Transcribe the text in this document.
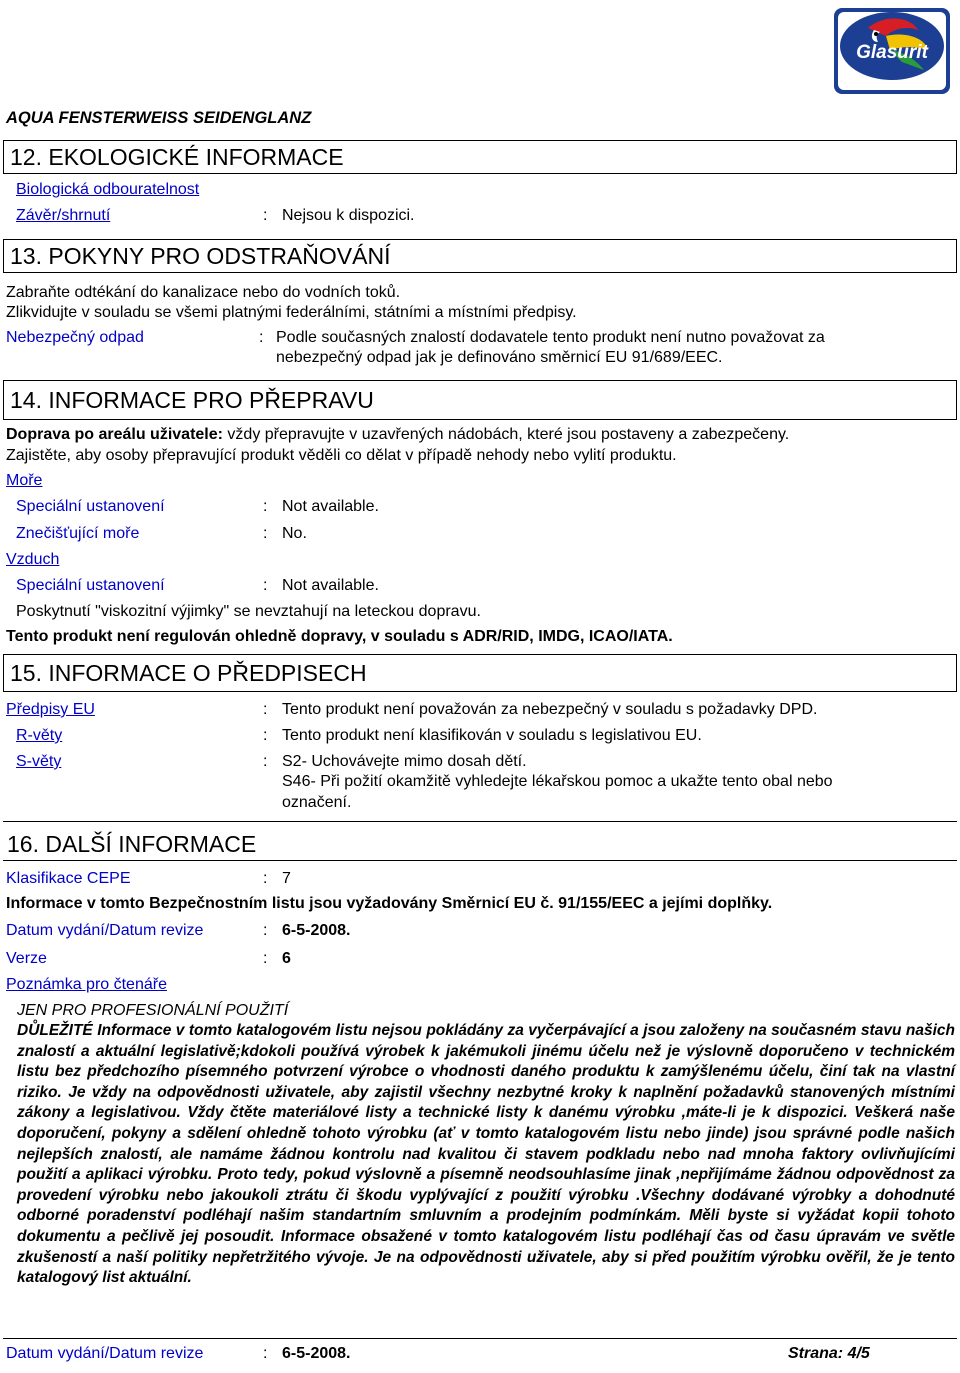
Glasurit
AQUA FENSTERWEISS SEIDENGLANZ
12. EKOLOGICKÉ INFORMACE
Biologická odbouratelnost
Závěr/shrnutí	: Nejsou k dispozici.
13. POKYNY PRO ODSTRAŇOVÁNÍ
Zabraňte odtékání do kanalizace nebo do vodních toků.
Zlikvidujte v souladu se všemi platnými federálními, státními a místními předpisy.
Nebezpečný odpad	: Podle současných znalostí dodavatele tento produkt není nutno považovat za
nebezpečný odpad jak je definováno směrnicí EU 91/689/EEC.
14. INFORMACE PRO PŘEPRAVU
Doprava po areálu uživatele: vždy přepravujte v uzavřených nádobách, které jsou postaveny a zabezpečeny.
Zajistěte, aby osoby přepravující produkt věděli co dělat v případě nehody nebo vylití produktu.
Moře
Speciální ustanovení	: Not available.
Znečišťující moře	: No.
Vzduch
Speciální ustanovení	: Not available.
Poskytnutí "viskozitní výjimky" se nevztahují na leteckou dopravu.
Tento produkt není regulován ohledně dopravy, v souladu s ADR/RID, IMDG, ICAO/IATA.
15. INFORMACE O PŘEDPISECH
Předpisy EU	: Tento produkt není považován za nebezpečný v souladu s požadavky DPD.
R-věty	: Tento produkt není klasifikován v souladu s legislativou EU.
S-věty	: S2- Uchovávejte mimo dosah dětí.
S46- Při požití okamžitě vyhledejte lékařskou pomoc a ukažte tento obal nebo
označení.
16. DALŠÍ INFORMACE
Klasifikace CEPE	: 7
Informace v tomto Bezpečnostním listu jsou vyžadovány Směrnicí EU č. 91/155/EEC a jejími doplňky.
Datum vydání/Datum revize	: 6-5-2008.
Verze	: 6
Poznámka pro čtenáře
JEN PRO PROFESIONÁLNÍ POUŽITÍ

DŮLEŽITÉ Informace v tomto katalogovém listu nejsou pokládány za vyčerpávající a jsou založeny na současném stavu našich znalostí a aktuální legislativě;kdokoli používá výrobek k jakémukoli jinému účelu než je výslovně doporučeno v technickém listu bez předchozího písemného potvrzení výrobce o vhodnosti daného produktu k zamýšlenému účelu, činí tak na vlastní riziko. Je vždy na odpovědnosti uživatele, aby zajistil všechny nezbytné kroky k naplnění požadavků stanovených místními zákony a legislativou. Vždy čtěte materiálové listy a technické listy k danému výrobku ,máte-li je k dispozici. Veškerá naše doporučení, pokyny a sdělení ohledně tohoto výrobku (ať v tomto katalogovém listu nebo jinde) jsou správné podle našich nejlepších znalostí, ale namáme žádnou kontrolu nad kvalitou či stavem podkladu nebo nad mnoha faktory ovlivňujícími použití a aplikaci výrobku. Proto tedy, pokud výslovně a písemně neodsouhlasíme jinak ,nepřijímáme žádnou odpovědnost za provedení výrobku nebo jakoukoli ztrátu či škodu vyplývající z použití výrobku .Všechny dodávané výrobky a dohodnuté odborné poradenství podléhají našim standartním smluvním a prodejním podmínkám. Měli byste si vyžádat kopii tohoto dokumentu a pečlivě jej posoudit. Informace obsažené v tomto katalogovém listu podléhají čas od času úpravám ve světle zkušeností a naší politiky nepřetržitého vývoje. Je na odpovědnosti uživatele, aby si před použitím výrobku ověřil, že je tento katalogový list aktuální.

Datum vydání/Datum revize	: 6-5-2008.	Strana: 4/5
